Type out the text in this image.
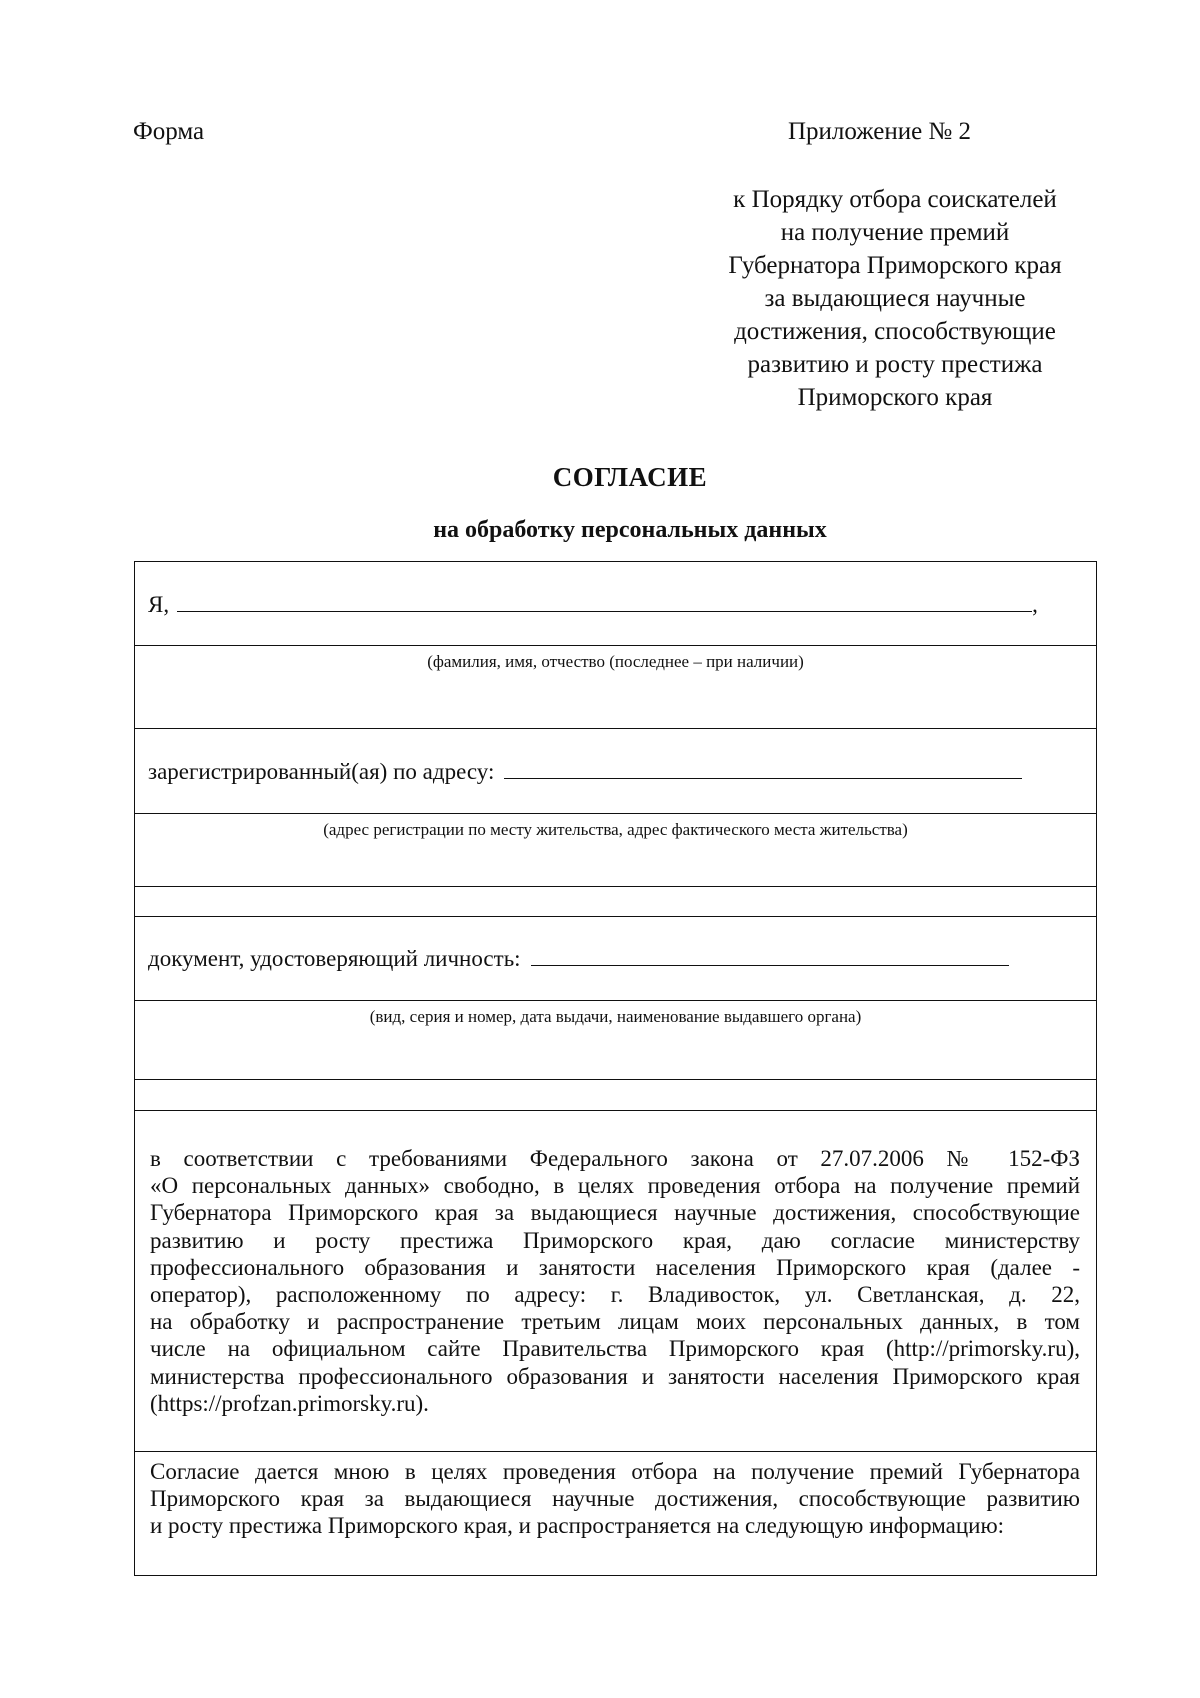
Форма	Приложение № 2
к Порядку отбора соискателей
на получение премий
Губернатора Приморского края
за выдающиеся научные
достижения, способствующие
развитию и росту престижа
Приморского края
СОГЛАСИЕ
на обработку персональных данных
Я,	,
(фамилия, имя, отчество (последнее – при наличии)
зарегистрированный(ая) по адресу:
(адрес регистрации по месту жительства, адрес фактического места жительства)
документ, удостоверяющий личность:
(вид, серия и номер, дата выдачи, наименование выдавшего органа)
в соответствии с требованиями Федерального закона от 27.07.2006 № 152-ФЗ
«О персональных данных» свободно, в целях проведения отбора на получение премий
Губернатора Приморского края за выдающиеся научные достижения, способствующие
развитию и росту престижа Приморского края, даю согласие министерству
профессионального образования и занятости населения Приморского края (далее -
оператор), расположенному по адресу: г. Владивосток, ул. Светланская, д. 22,
на обработку и распространение третьим лицам моих персональных данных, в том
числе на официальном сайте Правительства Приморского края (http://primorsky.ru),
министерства профессионального образования и занятости населения Приморского края
(https://profzan.primorsky.ru).
Согласие дается мною в целях проведения отбора на получение премий Губернатора
Приморского края за выдающиеся научные достижения, способствующие развитию
и росту престижа Приморского края, и распространяется на следующую информацию:
